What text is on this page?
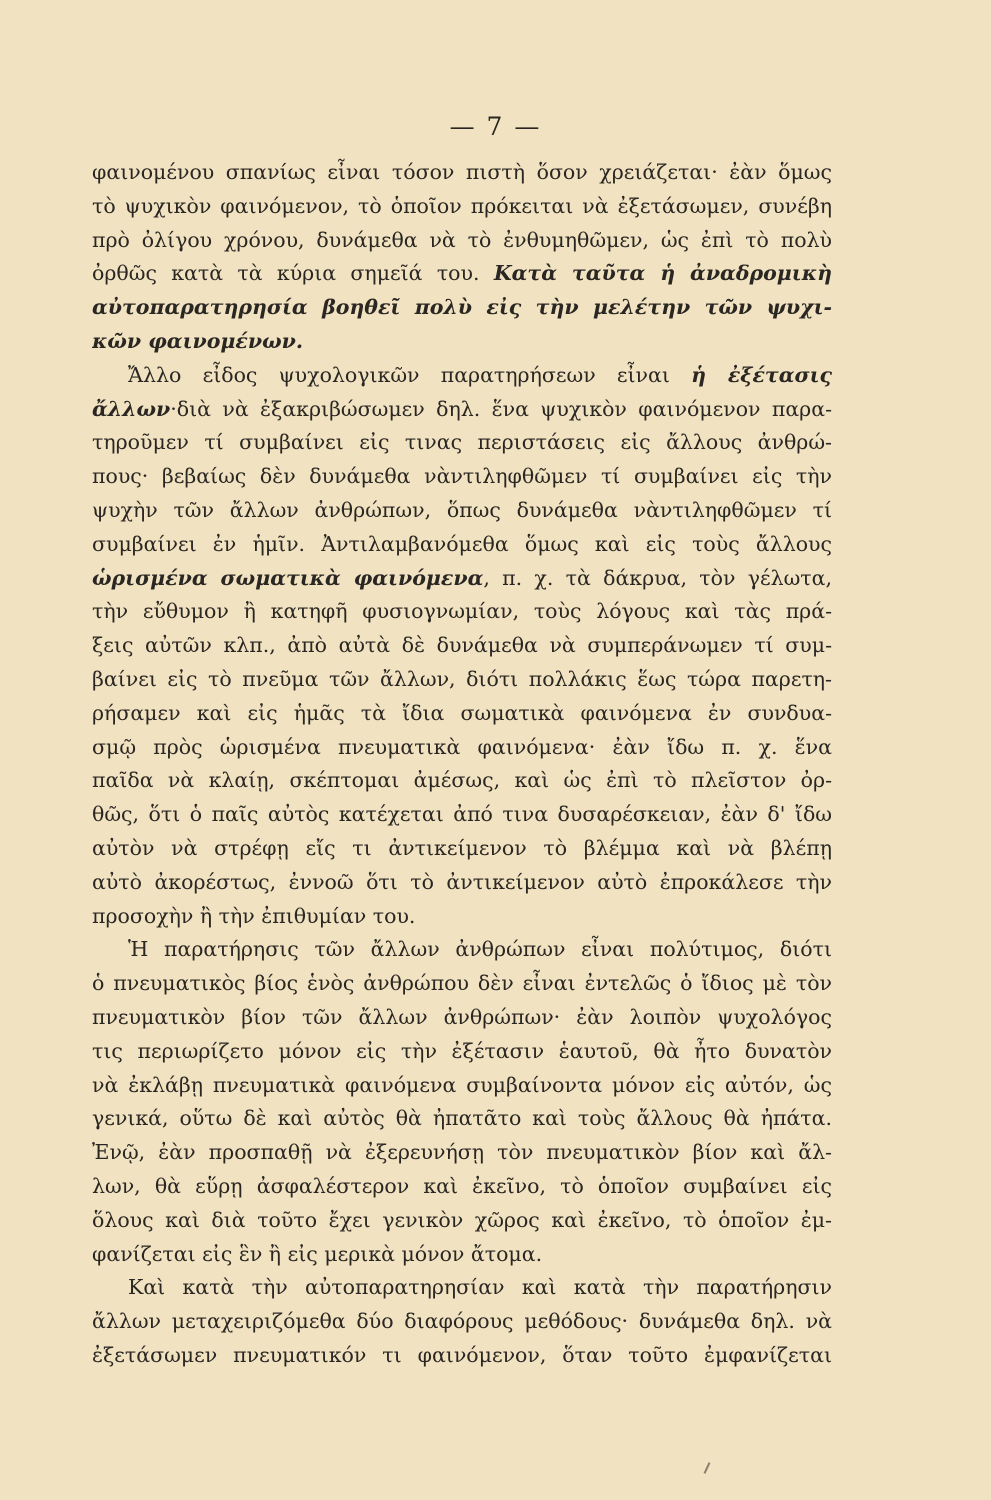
— 7 —
φαινομένου σπανίως εἶναι τόσον πιστὴ ὅσον χρειάζεται· ἐὰν ὅμως
τὸ ψυχικὸν φαινόμενον, τὸ ὁποῖον πρόκειται νὰ ἐξετάσωμεν, συνέβη
πρὸ ὀλίγου χρόνου, δυνάμεθα νὰ τὸ ἐνθυμηθῶμεν, ὡς ἐπὶ τὸ πολὺ
ὀρθῶς κατὰ τὰ κύρια σημεῖά του. Κατὰ ταῦτα ἡ ἀναδρομικὴ
αὐτοπαρατηρησία βοηθεῖ πολὺ εἰς τὴν μελέτην τῶν ψυχι-
κῶν φαινομένων.
Ἄλλο εἶδος ψυχολογικῶν παρατηρήσεων εἶναι ἡ ἐξέτασις
ἄλλων·διὰ νὰ ἐξακριβώσωμεν δηλ. ἕνα ψυχικὸν φαινόμενον παρα-
τηροῦμεν τί συμβαίνει εἰς τινας περιστάσεις εἰς ἄλλους ἀνθρώ-
πους· βεβαίως δὲν δυνάμεθα νὰντιληφθῶμεν τί συμβαίνει εἰς τὴν
ψυχὴν τῶν ἄλλων ἀνθρώπων, ὅπως δυνάμεθα νὰντιληφθῶμεν τί
συμβαίνει ἐν ἡμῖν. Ἀντιλαμβανόμεθα ὅμως καὶ εἰς τοὺς ἄλλους
ὡρισμένα σωματικὰ φαινόμενα, π. χ. τὰ δάκρυα, τὸν γέλωτα,
τὴν εὔθυμον ἢ κατηφῆ φυσιογνωμίαν, τοὺς λόγους καὶ τὰς πρά-
ξεις αὐτῶν κλπ., ἀπὸ αὐτὰ δὲ δυνάμεθα νὰ συμπεράνωμεν τί συμ-
βαίνει εἰς τὸ πνεῦμα τῶν ἄλλων, διότι πολλάκις ἕως τώρα παρετη-
ρήσαμεν καὶ εἰς ἡμᾶς τὰ ἴδια σωματικὰ φαινόμενα ἐν συνδυα-
σμῷ πρὸς ὡρισμένα πνευματικὰ φαινόμενα· ἐὰν ἴδω π. χ. ἕνα
παῖδα νὰ κλαίῃ, σκέπτομαι ἀμέσως, καὶ ὡς ἐπὶ τὸ πλεῖστον ὀρ-
θῶς, ὅτι ὁ παῖς αὐτὸς κατέχεται ἀπό τινα δυσαρέσκειαν, ἐὰν δ' ἴδω
αὐτὸν νὰ στρέφῃ εἴς τι ἀντικείμενον τὸ βλέμμα καὶ νὰ βλέπῃ
αὐτὸ ἀκορέστως, ἐννοῶ ὅτι τὸ ἀντικείμενον αὐτὸ ἐπροκάλεσε τὴν
προσοχὴν ἢ τὴν ἐπιθυμίαν του.
Ἡ παρατήρησις τῶν ἄλλων ἀνθρώπων εἶναι πολύτιμος, διότι
ὁ πνευματικὸς βίος ἑνὸς ἀνθρώπου δὲν εἶναι ἐντελῶς ὁ ἴδιος μὲ τὸν
πνευματικὸν βίον τῶν ἄλλων ἀνθρώπων· ἐὰν λοιπὸν ψυχολόγος
τις περιωρίζετο μόνον εἰς τὴν ἐξέτασιν ἑαυτοῦ, θὰ ἦτο δυνατὸν
νὰ ἐκλάβῃ πνευματικὰ φαινόμενα συμβαίνοντα μόνον εἰς αὐτόν, ὡς
γενικά, οὕτω δὲ καὶ αὐτὸς θὰ ἠπατᾶτο καὶ τοὺς ἄλλους θὰ ἠπάτα.
Ἐνῷ, ἐὰν προσπαθῇ νὰ ἐξερευνήσῃ τὸν πνευματικὸν βίον καὶ ἄλ-
λων, θὰ εὕρῃ ἀσφαλέστερον καὶ ἐκεῖνο, τὸ ὁποῖον συμβαίνει εἰς
ὅλους καὶ διὰ τοῦτο ἔχει γενικὸν χῶρος καὶ ἐκεῖνο, τὸ ὁποῖον ἐμ-
φανίζεται εἰς ἓν ἢ εἰς μερικὰ μόνον ἄτομα.
Καὶ κατὰ τὴν αὐτοπαρατηρησίαν καὶ κατὰ τὴν παρατήρησιν
ἄλλων μεταχειριζόμεθα δύο διαφόρους μεθόδους· δυνάμεθα δηλ. νὰ
ἐξετάσωμεν πνευματικόν τι φαινόμενον, ὅταν τοῦτο ἐμφανίζεται
